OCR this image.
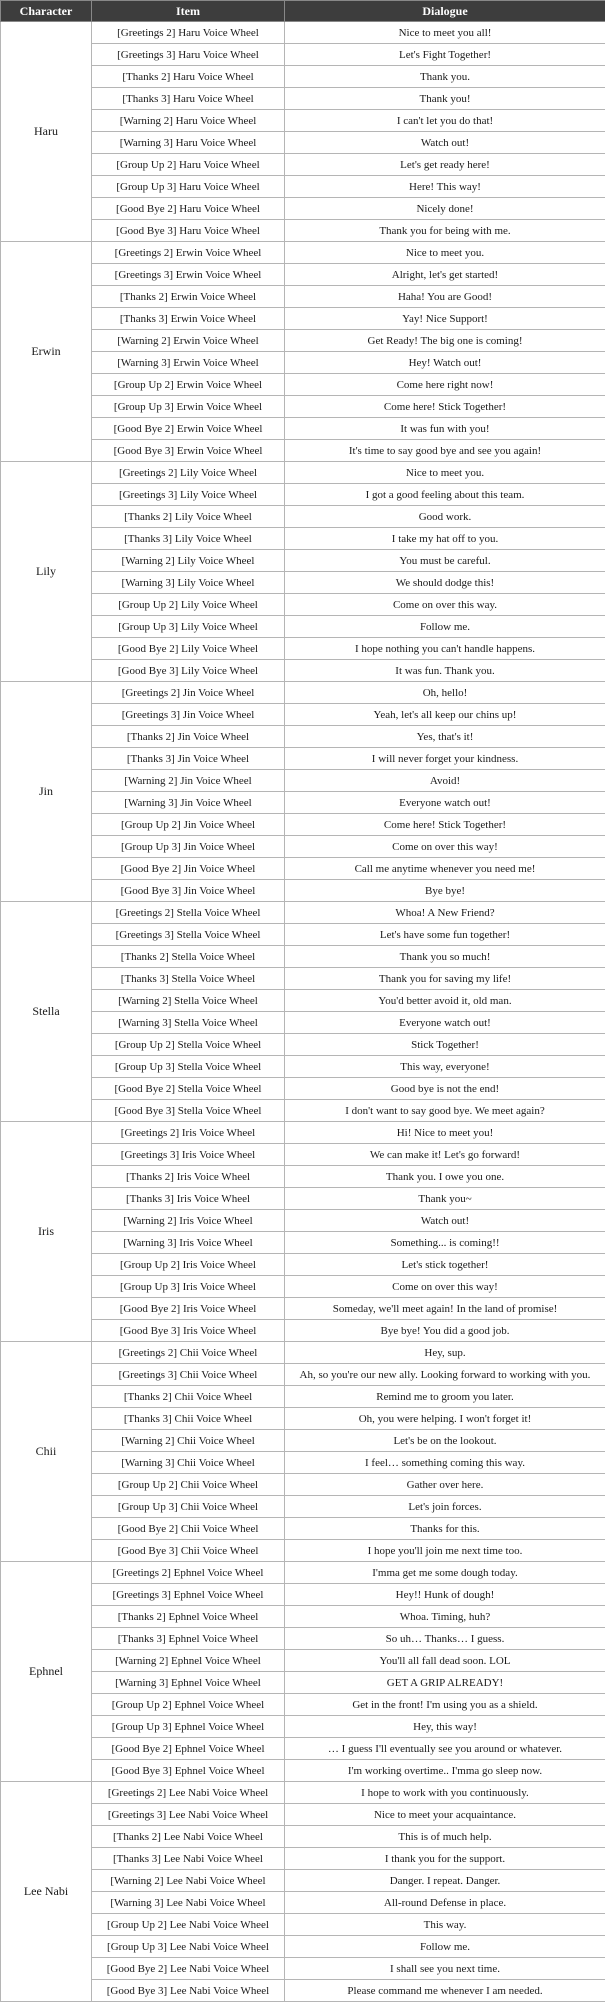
Character	Item	Dialogue
Haru	[Greetings 2] Haru Voice Wheel	Nice to meet you all!
	[Greetings 3] Haru Voice Wheel	Let's Fight Together!
	[Thanks 2] Haru Voice Wheel	Thank you.
	[Thanks 3] Haru Voice Wheel	Thank you!
	[Warning 2] Haru Voice Wheel	I can't let you do that!
	[Warning 3] Haru Voice Wheel	Watch out!
	[Group Up 2] Haru Voice Wheel	Let's get ready here!
	[Group Up 3] Haru Voice Wheel	Here! This way!
	[Good Bye 2] Haru Voice Wheel	Nicely done!
	[Good Bye 3] Haru Voice Wheel	Thank you for being with me.
Erwin	[Greetings 2] Erwin Voice Wheel	Nice to meet you.
	[Greetings 3] Erwin Voice Wheel	Alright, let's get started!
	[Thanks 2] Erwin Voice Wheel	Haha! You are Good!
	[Thanks 3] Erwin Voice Wheel	Yay! Nice Support!
	[Warning 2] Erwin Voice Wheel	Get Ready! The big one is coming!
	[Warning 3] Erwin Voice Wheel	Hey! Watch out!
	[Group Up 2] Erwin Voice Wheel	Come here right now!
	[Group Up 3] Erwin Voice Wheel	Come here! Stick Together!
	[Good Bye 2] Erwin Voice Wheel	It was fun with you!
	[Good Bye 3] Erwin Voice Wheel	It's time to say good bye and see you again!
Lily	[Greetings 2] Lily Voice Wheel	Nice to meet you.
	[Greetings 3] Lily Voice Wheel	I got a good feeling about this team.
	[Thanks 2] Lily Voice Wheel	Good work.
	[Thanks 3] Lily Voice Wheel	I take my hat off to you.
	[Warning 2] Lily Voice Wheel	You must be careful.
	[Warning 3] Lily Voice Wheel	We should dodge this!
	[Group Up 2] Lily Voice Wheel	Come on over this way.
	[Group Up 3] Lily Voice Wheel	Follow me.
	[Good Bye 2] Lily Voice Wheel	I hope nothing you can't handle happens.
	[Good Bye 3] Lily Voice Wheel	It was fun. Thank you.
Jin	[Greetings 2] Jin Voice Wheel	Oh, hello!
	[Greetings 3] Jin Voice Wheel	Yeah, let's all keep our chins up!
	[Thanks 2] Jin Voice Wheel	Yes, that's it!
	[Thanks 3] Jin Voice Wheel	I will never forget your kindness.
	[Warning 2] Jin Voice Wheel	Avoid!
	[Warning 3] Jin Voice Wheel	Everyone watch out!
	[Group Up 2] Jin Voice Wheel	Come here! Stick Together!
	[Group Up 3] Jin Voice Wheel	Come on over this way!
	[Good Bye 2] Jin Voice Wheel	Call me anytime whenever you need me!
	[Good Bye 3] Jin Voice Wheel	Bye bye!
Stella	[Greetings 2] Stella Voice Wheel	Whoa! A New Friend?
	[Greetings 3] Stella Voice Wheel	Let's have some fun together!
	[Thanks 2] Stella Voice Wheel	Thank you so much!
	[Thanks 3] Stella Voice Wheel	Thank you for saving my life!
	[Warning 2] Stella Voice Wheel	You'd better avoid it, old man.
	[Warning 3] Stella Voice Wheel	Everyone watch out!
	[Group Up 2] Stella Voice Wheel	Stick Together!
	[Group Up 3] Stella Voice Wheel	This way, everyone!
	[Good Bye 2] Stella Voice Wheel	Good bye is not the end!
	[Good Bye 3] Stella Voice Wheel	I don't want to say good bye. We meet again?
Iris	[Greetings 2] Iris Voice Wheel	Hi! Nice to meet you!
	[Greetings 3] Iris Voice Wheel	We can make it! Let's go forward!
	[Thanks 2] Iris Voice Wheel	Thank you. I owe you one.
	[Thanks 3] Iris Voice Wheel	Thank you~
	[Warning 2] Iris Voice Wheel	Watch out!
	[Warning 3] Iris Voice Wheel	Something... is coming!!
	[Group Up 2] Iris Voice Wheel	Let's stick together!
	[Group Up 3] Iris Voice Wheel	Come on over this way!
	[Good Bye 2] Iris Voice Wheel	Someday, we'll meet again! In the land of promise!
	[Good Bye 3] Iris Voice Wheel	Bye bye! You did a good job.
Chii	[Greetings 2] Chii Voice Wheel	Hey, sup.
	[Greetings 3] Chii Voice Wheel	Ah, so you're our new ally. Looking forward to working with you.
	[Thanks 2] Chii Voice Wheel	Remind me to groom you later.
	[Thanks 3] Chii Voice Wheel	Oh, you were helping. I won't forget it!
	[Warning 2] Chii Voice Wheel	Let's be on the lookout.
	[Warning 3] Chii Voice Wheel	I feel… something coming this way.
	[Group Up 2] Chii Voice Wheel	Gather over here.
	[Group Up 3] Chii Voice Wheel	Let's join forces.
	[Good Bye 2] Chii Voice Wheel	Thanks for this.
	[Good Bye 3] Chii Voice Wheel	I hope you'll join me next time too.
Ephnel	[Greetings 2] Ephnel Voice Wheel	I'mma get me some dough today.
	[Greetings 3] Ephnel Voice Wheel	Hey!! Hunk of dough!
	[Thanks 2] Ephnel Voice Wheel	Whoa. Timing, huh?
	[Thanks 3] Ephnel Voice Wheel	So uh… Thanks… I guess.
	[Warning 2] Ephnel Voice Wheel	You'll all fall dead soon. LOL
	[Warning 3] Ephnel Voice Wheel	GET A GRIP ALREADY!
	[Group Up 2] Ephnel Voice Wheel	Get in the front! I'm using you as a shield.
	[Group Up 3] Ephnel Voice Wheel	Hey, this way!
	[Good Bye 2] Ephnel Voice Wheel	… I guess I'll eventually see you around or whatever.
	[Good Bye 3] Ephnel Voice Wheel	I'm working overtime.. I'mma go sleep now.
Lee Nabi	[Greetings 2] Lee Nabi Voice Wheel	I hope to work with you continuously.
	[Greetings 3] Lee Nabi Voice Wheel	Nice to meet your acquaintance.
	[Thanks 2] Lee Nabi Voice Wheel	This is of much help.
	[Thanks 3] Lee Nabi Voice Wheel	I thank you for the support.
	[Warning 2] Lee Nabi Voice Wheel	Danger. I repeat. Danger.
	[Warning 3] Lee Nabi Voice Wheel	All-round Defense in place.
	[Group Up 2] Lee Nabi Voice Wheel	This way.
	[Group Up 3] Lee Nabi Voice Wheel	Follow me.
	[Good Bye 2] Lee Nabi Voice Wheel	I shall see you next time.
	[Good Bye 3] Lee Nabi Voice Wheel	Please command me whenever I am needed.
